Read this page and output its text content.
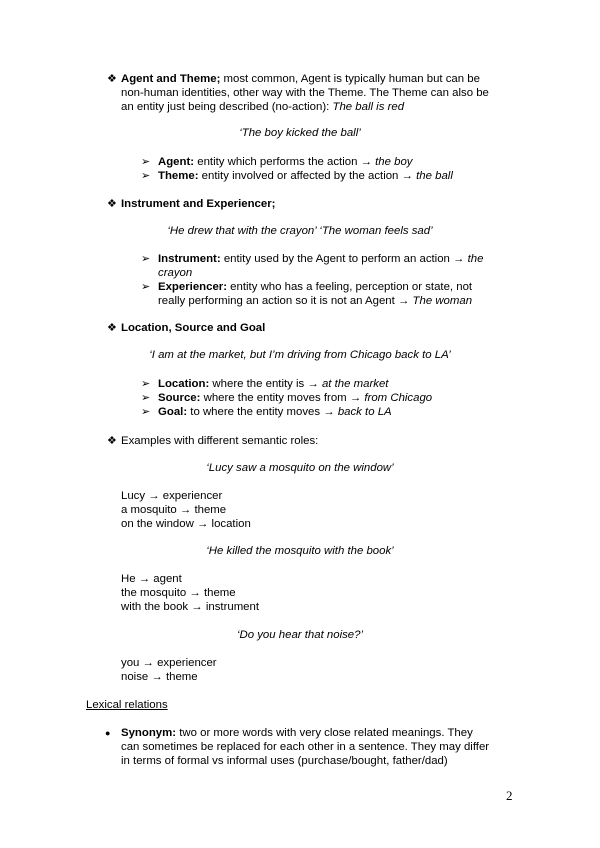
❖ Agent and Theme; most common, Agent is typically human but can be
non-human identities, other way with the Theme. The Theme can also be
an entity just being described (no-action): The ball is red
‘The boy kicked the ball’
➢ Agent: entity which performs the action → the boy
➢ Theme: entity involved or affected by the action → the ball
❖ Instrument and Experiencer;
‘He drew that with the crayon’ ‘The woman feels sad’
➢ Instrument: entity used by the Agent to perform an action → the
crayon
➢ Experiencer: entity who has a feeling, perception or state, not
really performing an action so it is not an Agent → The woman
❖ Location, Source and Goal
‘I am at the market, but I’m driving from Chicago back to LA’
➢ Location: where the entity is → at the market
➢ Source: where the entity moves from → from Chicago
➢ Goal: to where the entity moves → back to LA
❖ Examples with different semantic roles:
‘Lucy saw a mosquito on the window’
Lucy → experiencer
a mosquito → theme
on the window → location
‘He killed the mosquito with the book’
He → agent
the mosquito → theme
with the book → instrument
‘Do you hear that noise?’
you → experiencer
noise → theme
Lexical relations
● Synonym: two or more words with very close related meanings. They
can sometimes be replaced for each other in a sentence. They may differ
in terms of formal vs informal uses (purchase/bought, father/dad)
2
